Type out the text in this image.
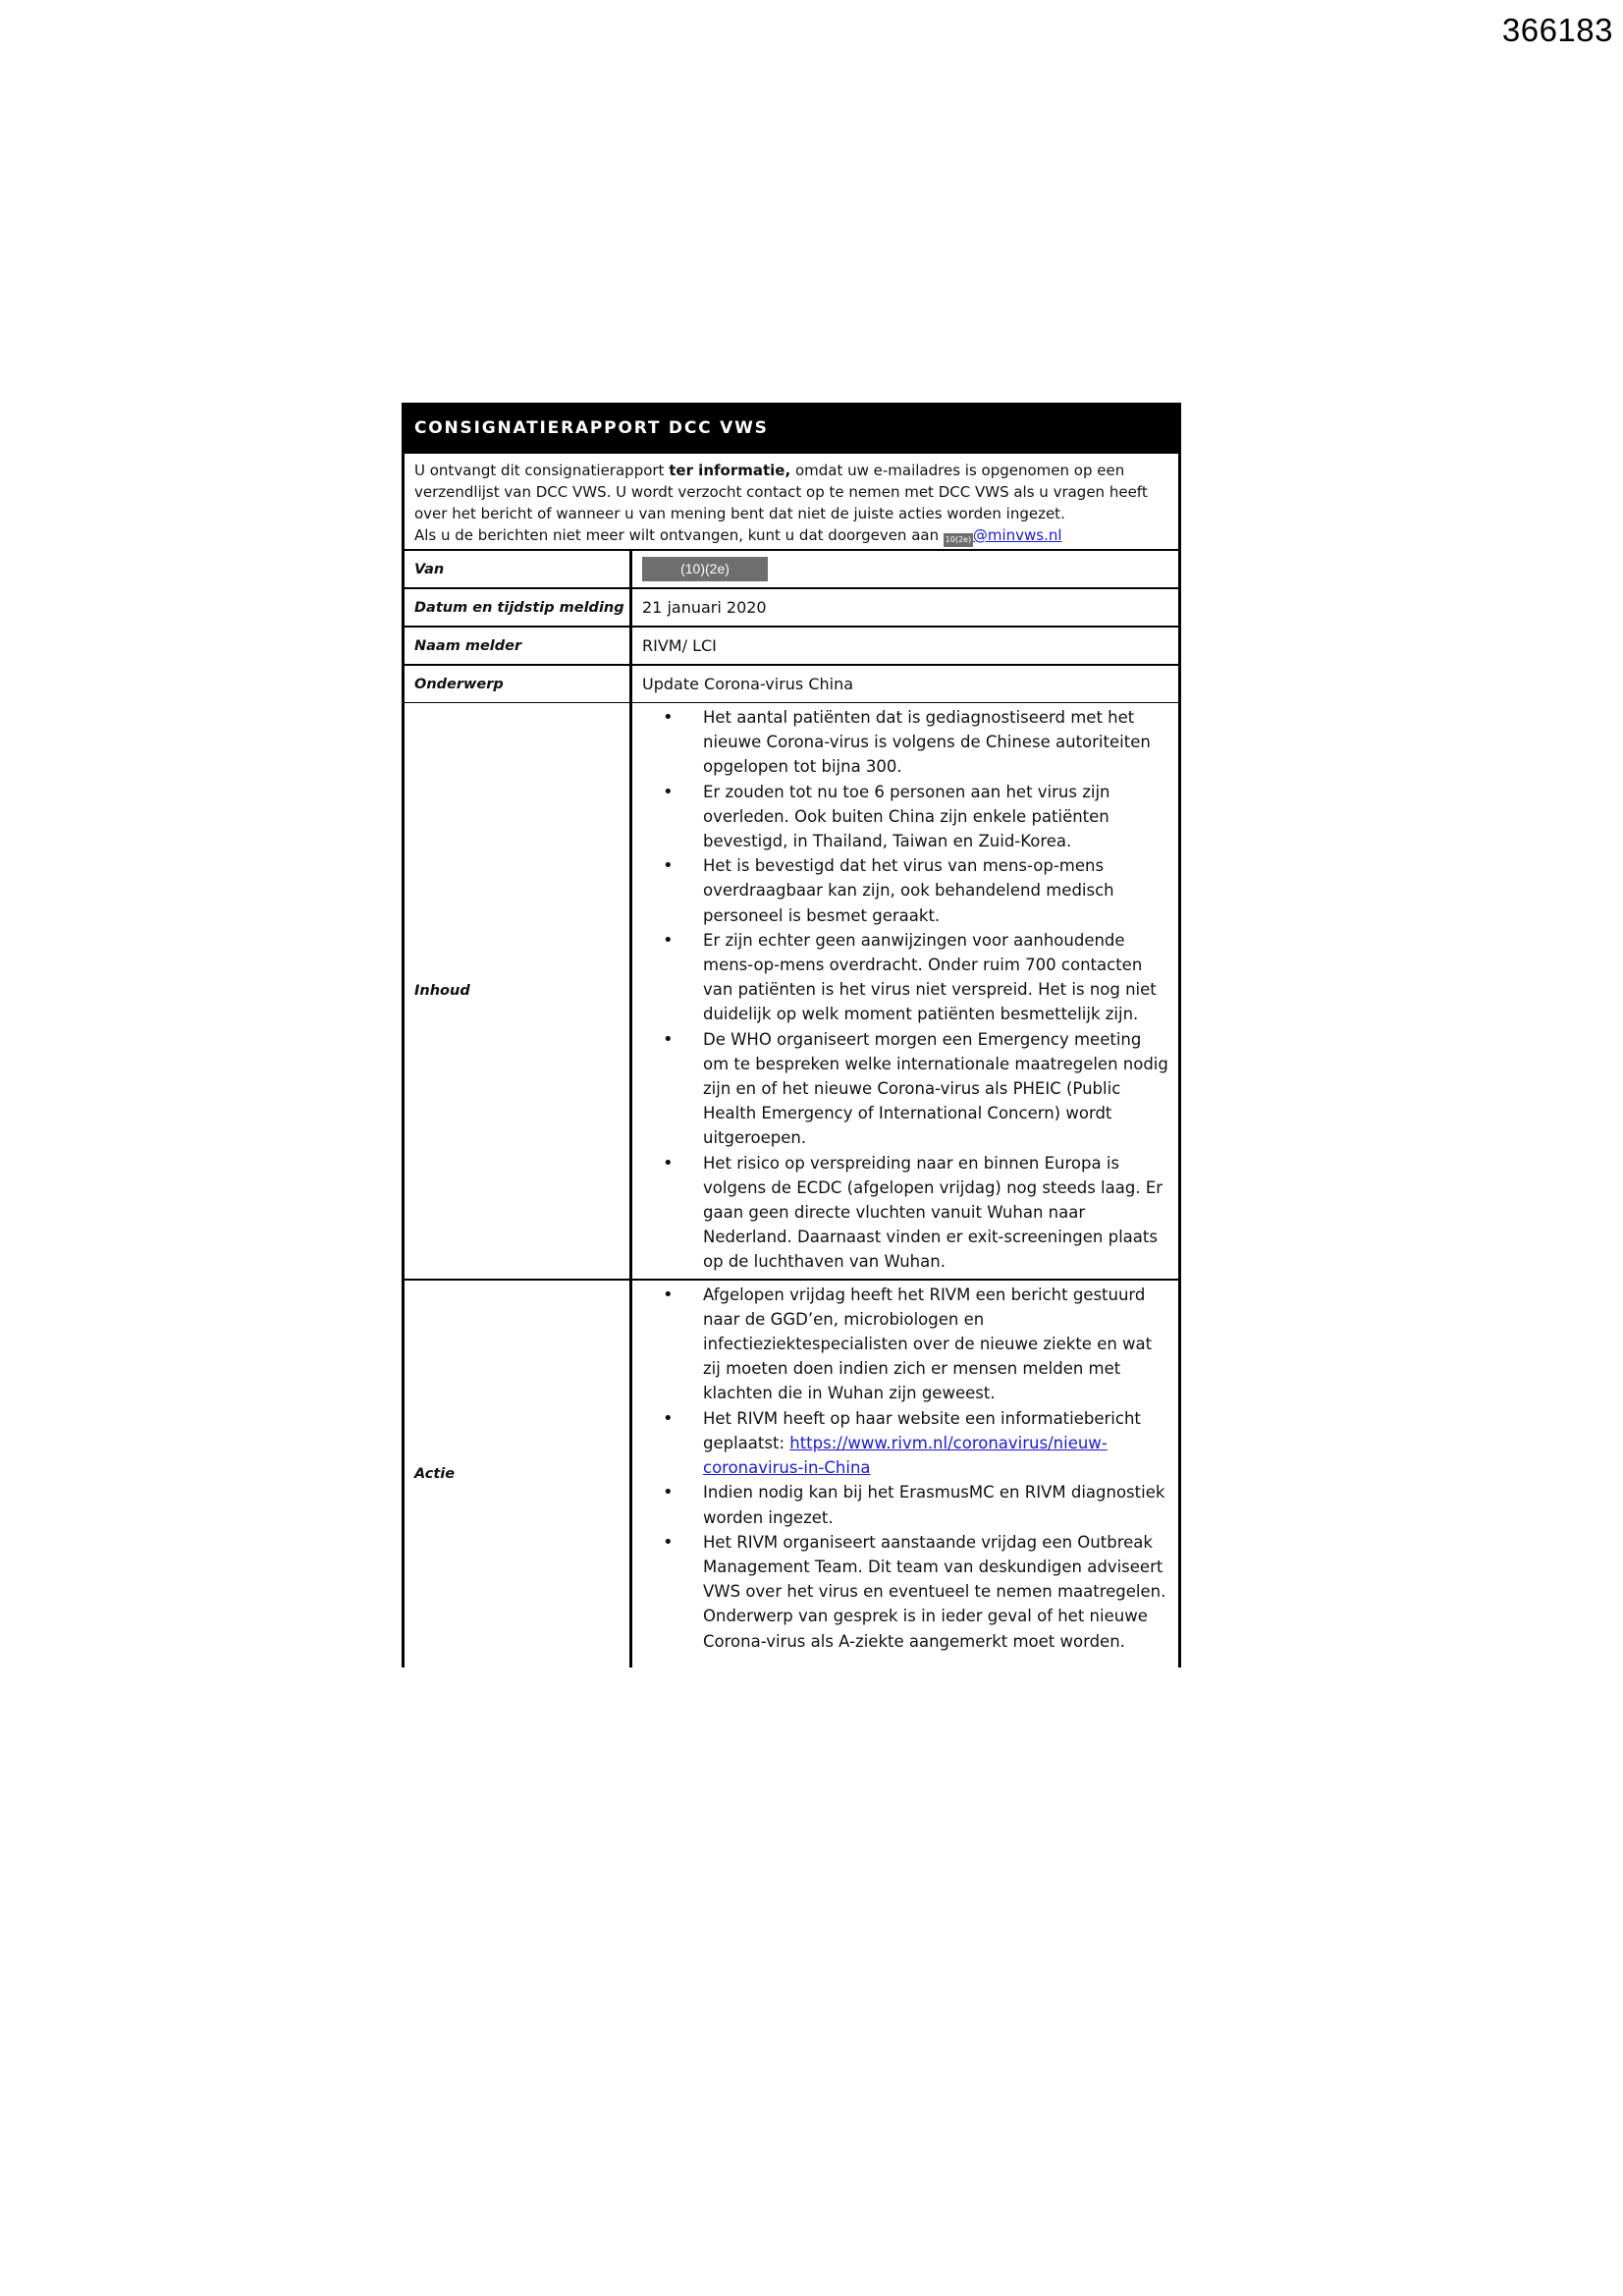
366183
CONSIGNATIERAPPORT DCC VWS
U ontvangt dit consignatierapport ter informatie, omdat uw e-mailadres is opgenomen op een verzendlijst van DCC VWS. U wordt verzocht contact op te nemen met DCC VWS als u vragen heeft over het bericht of wanneer u van mening bent dat niet de juiste acties worden ingezet.
Als u de berichten niet meer wilt ontvangen, kunt u dat doorgeven aan 10(2e) @minvws.nl
Van	(10)(2e)
Datum en tijdstip melding	21 januari 2020
Naam melder	RIVM/ LCI
Onderwerp	Update Corona-virus China
Inhoud
• Het aantal patiënten dat is gediagnostiseerd met het nieuwe Corona-virus is volgens de Chinese autoriteiten opgelopen tot bijna 300.
• Er zouden tot nu toe 6 personen aan het virus zijn overleden. Ook buiten China zijn enkele patiënten bevestigd, in Thailand, Taiwan en Zuid-Korea.
• Het is bevestigd dat het virus van mens-op-mens overdraagbaar kan zijn, ook behandelend medisch personeel is besmet geraakt.
• Er zijn echter geen aanwijzingen voor aanhoudende mens-op-mens overdracht. Onder ruim 700 contacten van patiënten is het virus niet verspreid. Het is nog niet duidelijk op welk moment patiënten besmettelijk zijn.
• De WHO organiseert morgen een Emergency meeting om te bespreken welke internationale maatregelen nodig zijn en of het nieuwe Corona-virus als PHEIC (Public Health Emergency of International Concern) wordt uitgeroepen.
• Het risico op verspreiding naar en binnen Europa is volgens de ECDC (afgelopen vrijdag) nog steeds laag. Er gaan geen directe vluchten vanuit Wuhan naar Nederland. Daarnaast vinden er exit-screeningen plaats op de luchthaven van Wuhan.
Actie
• Afgelopen vrijdag heeft het RIVM een bericht gestuurd naar de GGD’en, microbiologen en infectieziektespecialisten over de nieuwe ziekte en wat zij moeten doen indien zich er mensen melden met klachten die in Wuhan zijn geweest.
• Het RIVM heeft op haar website een informatiebericht geplaatst: https://www.rivm.nl/coronavirus/nieuw-coronavirus-in-China
• Indien nodig kan bij het ErasmusMC en RIVM diagnostiek worden ingezet.
• Het RIVM organiseert aanstaande vrijdag een Outbreak Management Team. Dit team van deskundigen adviseert VWS over het virus en eventueel te nemen maatregelen. Onderwerp van gesprek is in ieder geval of het nieuwe Corona-virus als A-ziekte aangemerkt moet worden.
